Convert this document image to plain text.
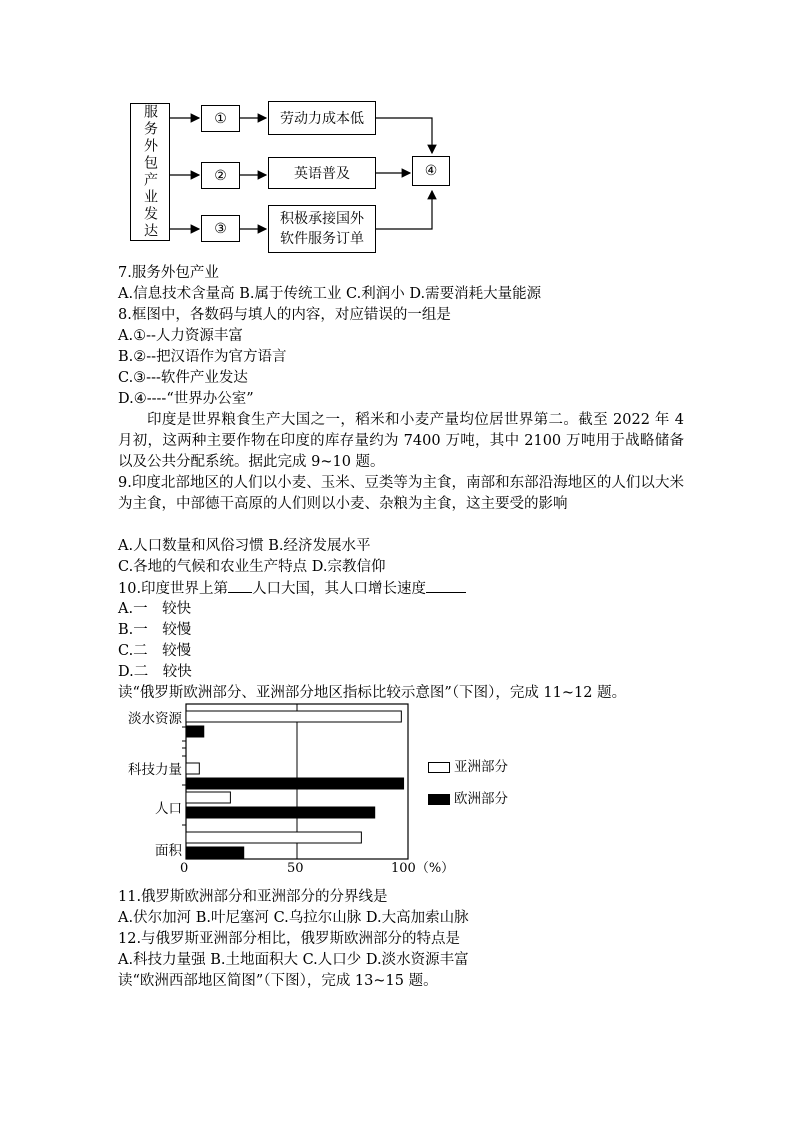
服务外包产业发达	①
②
③
劳动力成本低
英语普及
积极承接国外
软件服务订单
④
7.服务外包产业
A.信息技术含量高 B.属于传统工业 C.利润小 D.需要消耗大量能源
8.框图中，各数码与填人的内容，对应错误的一组是
A.①--人力资源丰富
B.②--把汉语作为官方语言
C.③---软件产业发达
D.④----“世界办公室”
印度是世界粮食生产大国之一，稻米和小麦产量均位居世界第二。截至 2022 年 4 月初，这两种主要作物在印度的库存量约为 7400 万吨，其中 2100 万吨用于战略储备以及公共分配系统。据此完成 9~10 题。
9.印度北部地区的人们以小麦、玉米、豆类等为主食，南部和东部沿海地区的人们以大米为主食，中部德干高原的人们则以小麦、杂粮为主食，这主要受的影响
A.人口数量和风俗习惯 B.经济发展水平
C.各地的气候和农业生产特点 D.宗教信仰
10.印度世界上第 人口大国，其人口增长速度
A.一　较快
B.一　较慢
C.二　较慢
D.二　较快
读“俄罗斯欧洲部分、亚洲部分地区指标比较示意图”（下图），完成 11~12 题。
淡水资源
科技力量
人口
面积
0	50	100（%）
亚洲部分
欧洲部分
11.俄罗斯欧洲部分和亚洲部分的分界线是
A.伏尔加河 B.叶尼塞河 C.乌拉尔山脉 D.大高加索山脉
12.与俄罗斯亚洲部分相比，俄罗斯欧洲部分的特点是
A.科技力量强 B.土地面积大 C.人口少 D.淡水资源丰富
读“欧洲西部地区简图”（下图），完成 13~15 题。
